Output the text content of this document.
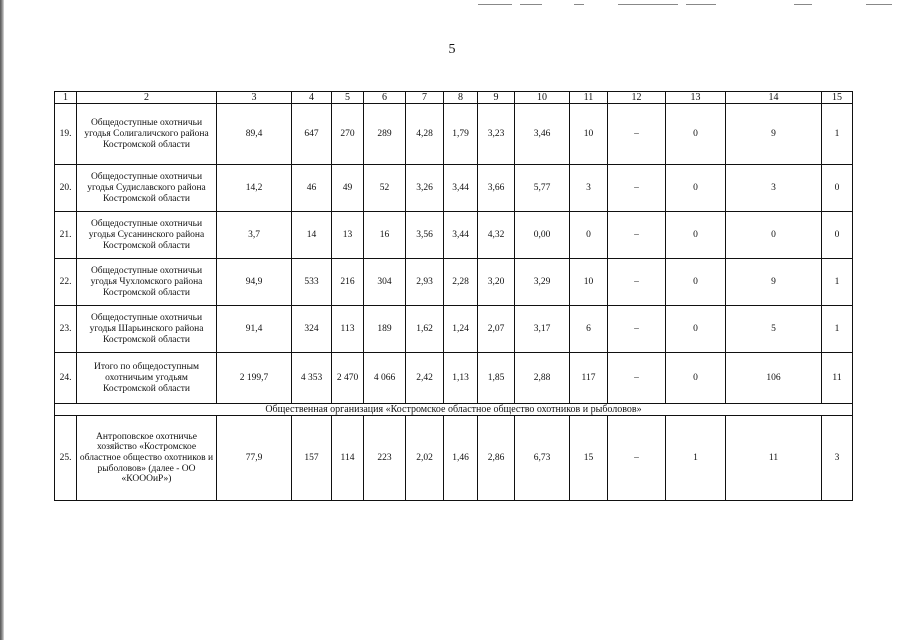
5
1	2	3	4	5	6	7	8	9	10	11	12	13	14	15
19.	Общедоступные охотничьи угодья Солигаличского района Костромской области	89,4	647	270	289	4,28	1,79	3,23	3,46	10	–	0	9	1
20.	Общедоступные охотничьи угодья Судиславского района Костромской области	14,2	46	49	52	3,26	3,44	3,66	5,77	3	–	0	3	0
21.	Общедоступные охотничьи угодья Сусанинского района Костромской области	3,7	14	13	16	3,56	3,44	4,32	0,00	0	–	0	0	0
22.	Общедоступные охотничьи угодья Чухломского района Костромской области	94,9	533	216	304	2,93	2,28	3,20	3,29	10	–	0	9	1
23.	Общедоступные охотничьи угодья Шарьинского района Костромской области	91,4	324	113	189	1,62	1,24	2,07	3,17	6	–	0	5	1
24.	Итого по общедоступным охотничьим угодьям Костромской области	2 199,7	4 353	2 470	4 066	2,42	1,13	1,85	2,88	117	–	0	106	11
Общественная организация «Костромское областное общество охотников и рыболовов»														
25.	Антроповское охотничье хозяйство «Костромское областное общество охотников и рыболовов» (далее - ОО «КОООиР»)	77,9	157	114	223	2,02	1,46	2,86	6,73	15	–	1	11	3
